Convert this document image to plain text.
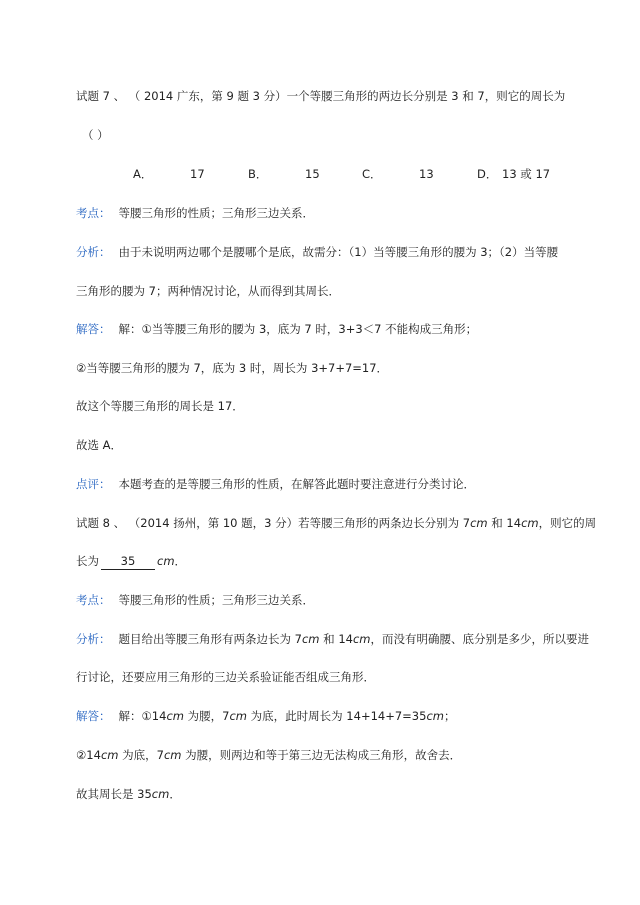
试题 7 、 （ 2014 广东，第 9 题 3 分）一个等腰三角形的两边长分别是 3 和 7，则它的周长为
（ ）
A．	17	B．	15	C．	13	D． 13 或 17
考点： 等腰三角形的性质；三角形三边关系．
分析： 由于未说明两边哪个是腰哪个是底，故需分：（1）当等腰三角形的腰为 3；（2）当等腰
三角形的腰为 7；两种情况讨论，从而得到其周长．
解答： 解：①当等腰三角形的腰为 3，底为 7 时，3+3＜7 不能构成三角形；
②当等腰三角形的腰为 7，底为 3 时，周长为 3+7+7=17．
故这个等腰三角形的周长是 17．
故选 A．
点评： 本题考查的是等腰三角形的性质，在解答此题时要注意进行分类讨论．
试题 8 、 （2014 扬州，第 10 题，3 分）若等腰三角形的两条边长分别为 7cm 和 14cm，则它的周
长为 35 cm．
考点： 等腰三角形的性质；三角形三边关系．
分析： 题目给出等腰三角形有两条边长为 7cm 和 14cm，而没有明确腰、底分别是多少，所以要进
行讨论，还要应用三角形的三边关系验证能否组成三角形．
解答： 解：①14cm 为腰，7cm 为底，此时周长为 14+14+7=35cm；
②14cm 为底，7cm 为腰，则两边和等于第三边无法构成三角形，故舍去．
故其周长是 35cm．
